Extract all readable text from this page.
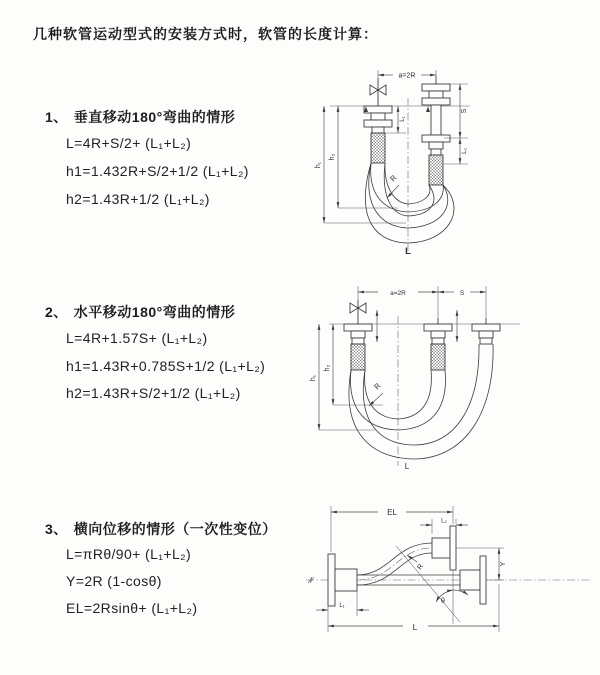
几种软管运动型式的安装方式时，软管的长度计算：
1、 垂直移动180°弯曲的情形
L=4R+S/2+ (L₁+L₂)
h1=1.432R+S/2+1/2 (L₁+L₂)
h2=1.43R+1/2 (L₁+L₂)
2、 水平移动180°弯曲的情形
L=4R+1.57S+ (L₁+L₂)
h1=1.43R+0.785S+1/2 (L₁+L₂)
h2=1.43R+S/2+1/2 (L₁+L₂)
3、 横向位移的情形（一次性变位）
L=πRθ/90+ (L₁+L₂)
Y=2R (1-cosθ)
EL=2Rsinθ+ (L₁+L₂)
a=2R
h₁
h₂
L₁
S
L₂
R
L
a=2R	S
h₁
h₂
R
L
θ
EL
L₂
Y
R
L₁
L
